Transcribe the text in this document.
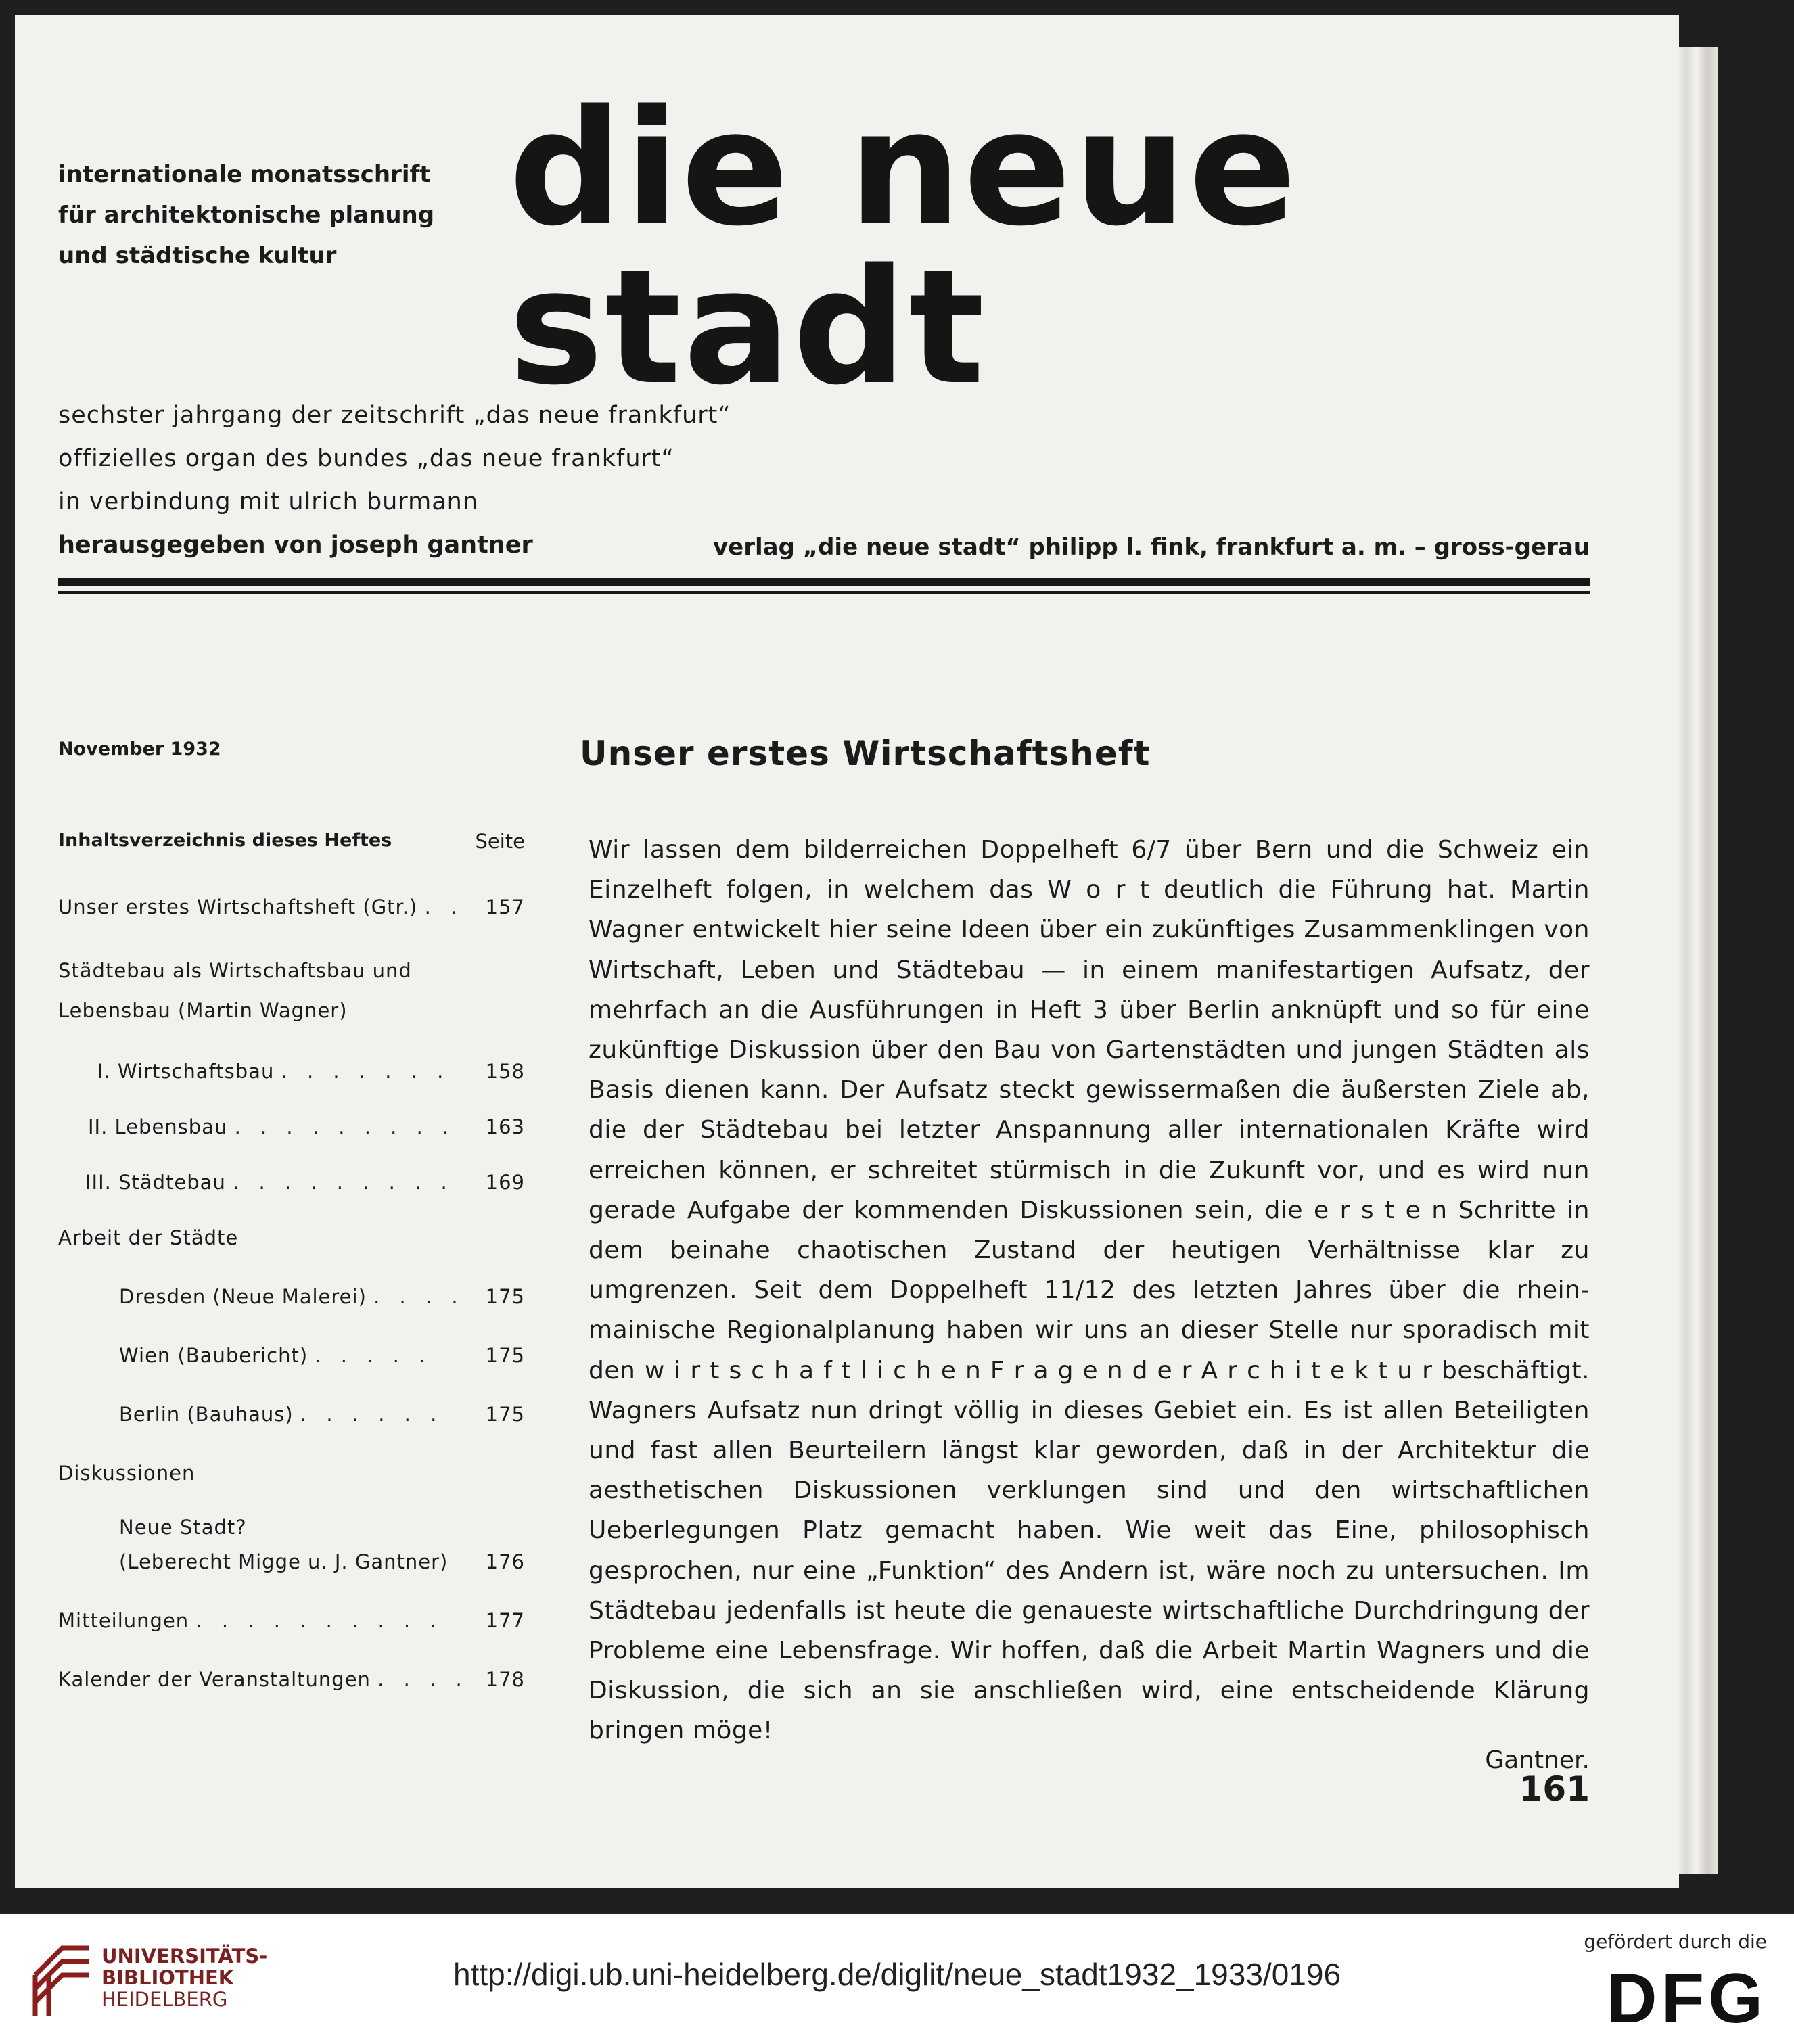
internationale monatsschrift
für architektonische planung
und städtische kultur	die neue stadt
sechster jahrgang der zeitschrift „das neue frankfurt“
offizielles organ des bundes „das neue frankfurt“
in verbindung mit ulrich burmann
herausgegeben von joseph gantner	verlag „die neue stadt“ philipp l. fink, frankfurt a. m. – gross-gerau
November 1932
Inhaltsverzeichnis dieses Heftes	Seite
Unser erstes Wirtschaftsheft (Gtr.) . . 157
Städtebau als Wirtschaftsbau und
Lebensbau (Martin Wagner)
I. Wirtschaftsbau . . . . . . . 158
II. Lebensbau . . . . . . . . . 163
III. Städtebau . . . . . . . . . 169
Arbeit der Städte
Dresden (Neue Malerei) . . . . 175
Wien (Baubericht) . . . . .	175
Berlin (Bauhaus) . . . . . . 175
Diskussionen
Neue Stadt?
(Leberecht Migge u. J. Gantner) 176
Mitteilungen . . . . . . . . . . 177
Kalender der Veranstaltungen . . . . 178
Unser erstes Wirtschaftsheft

Wir lassen dem bilderreichen Doppelheft 6/7 über Bern und die Schweiz ein Einzelheft folgen, in welchem das W o r t deutlich die Führung hat. Martin Wagner entwickelt hier seine Ideen über ein zukünftiges Zusammenklingen von Wirtschaft, Leben und Städtebau — in einem manifestartigen Aufsatz, der mehrfach an die Ausführungen in Heft 3 über Berlin anknüpft und so für eine zukünftige Diskussion über den Bau von Gartenstädten und jungen Städten als Basis dienen kann. Der Aufsatz steckt gewissermaßen die äußersten Ziele ab, die der Städtebau bei letzter Anspannung aller internationalen Kräfte wird erreichen können, er schreitet stürmisch in die Zukunft vor, und es wird nun gerade Aufgabe der kommenden Diskussionen sein, die e r s t e n Schritte in dem beinahe chaotischen Zustand der heutigen Verhältnisse klar zu umgrenzen. Seit dem Doppelheft 11/12 des letzten Jahres über die rhein-mainische Regionalplanung haben wir uns an dieser Stelle nur sporadisch mit den w i r t s c h a f t l i c h e n F r a g e n d e r A r c h i t e k t u r beschäftigt. Wagners Aufsatz nun dringt völlig in dieses Gebiet ein. Es ist allen Beteiligten und fast allen Beurteilern längst klar geworden, daß in der Architektur die aesthetischen Diskussionen verklungen sind und den wirtschaftlichen Ueberlegungen Platz gemacht haben. Wie weit das Eine, philosophisch gesprochen, nur eine „Funktion“ des Andern ist, wäre noch zu untersuchen. Im Städtebau jedenfalls ist heute die genaueste wirtschaftliche Durchdringung der Probleme eine Lebensfrage. Wir hoffen, daß die Arbeit Martin Wagners und die Diskussion, die sich an sie anschließen wird, eine entscheidende Klärung bringen möge!

Gantner.
161
UNIVERSITÄTS-
BIBLIOTHEK
HEIDELBERG
http://digi.ub.uni-heidelberg.de/diglit/neue_stadt1932_1933/0196
gefördert durch die
DFG
